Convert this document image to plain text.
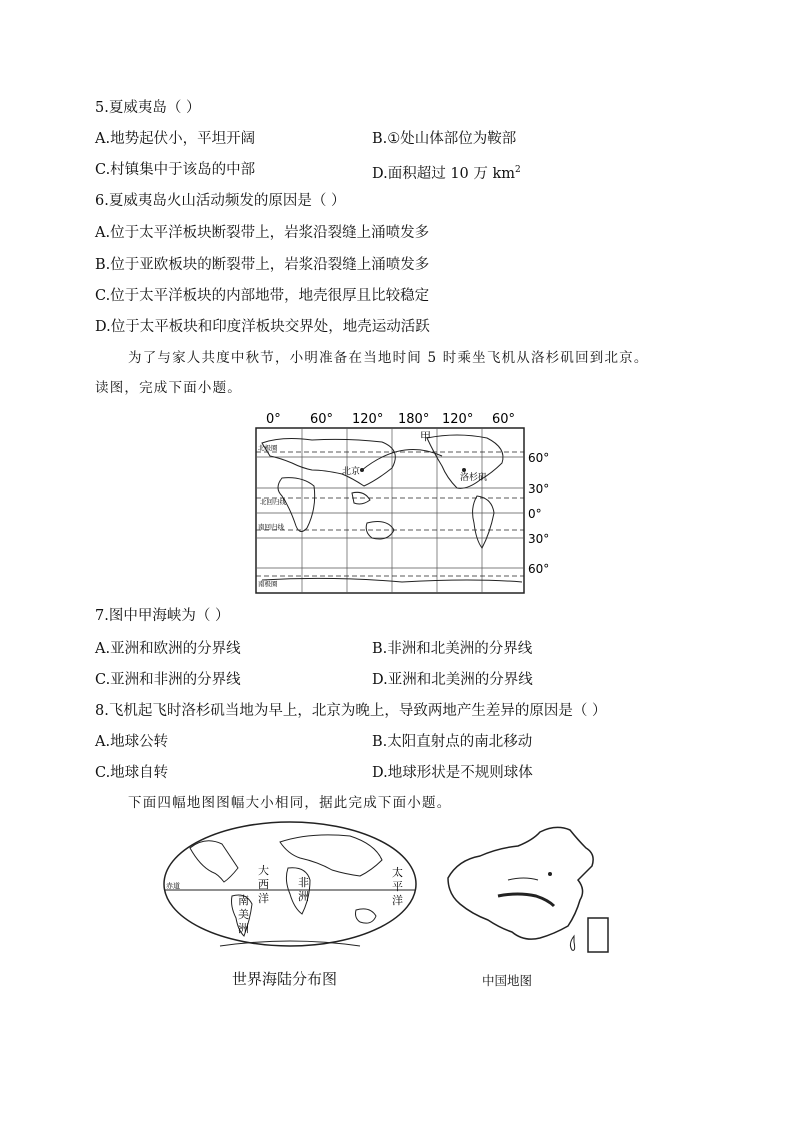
5.夏威夷岛（ ）
A.地势起伏小，平坦开阔	B.①处山体部位为鞍部
C.村镇集中于该岛的中部	D.面积超过 10 万 $km^2$
6.夏威夷岛火山活动频发的原因是（ ）
A.位于太平洋板块断裂带上，岩浆沿裂缝上涌喷发多
B.位于亚欧板块的断裂带上，岩浆沿裂缝上涌喷发多
C.位于太平洋板块的内部地带，地壳很厚且比较稳定
D.位于太平板块和印度洋板块交界处，地壳运动活跃
为了与家人共度中秋节，小明准备在当地时间 5 时乘坐飞机从洛杉矶回到北京。
读图，完成下面小题。
0° 60° 120° 180° 120° 60°
甲
北京
洛杉矶
北极圈
北回归线
南回归线
南极圈
60°
30°
0°
30°
60°
7.图中甲海峡为（ ）
A.亚洲和欧洲的分界线	B.非洲和北美洲的分界线
C.亚洲和非洲的分界线	D.亚洲和北美洲的分界线
8.飞机起飞时洛杉矶当地为早上，北京为晚上，导致两地产生差异的原因是（ ）
A.地球公转	B.太阳直射点的南北移动
C.地球自转	D.地球形状是不规则球体
下面四幅地图图幅大小相同，据此完成下面小题。
赤道
大
西
洋
太
平
洋
南
美
洲
非
洲
世界海陆分布图	中国地图
